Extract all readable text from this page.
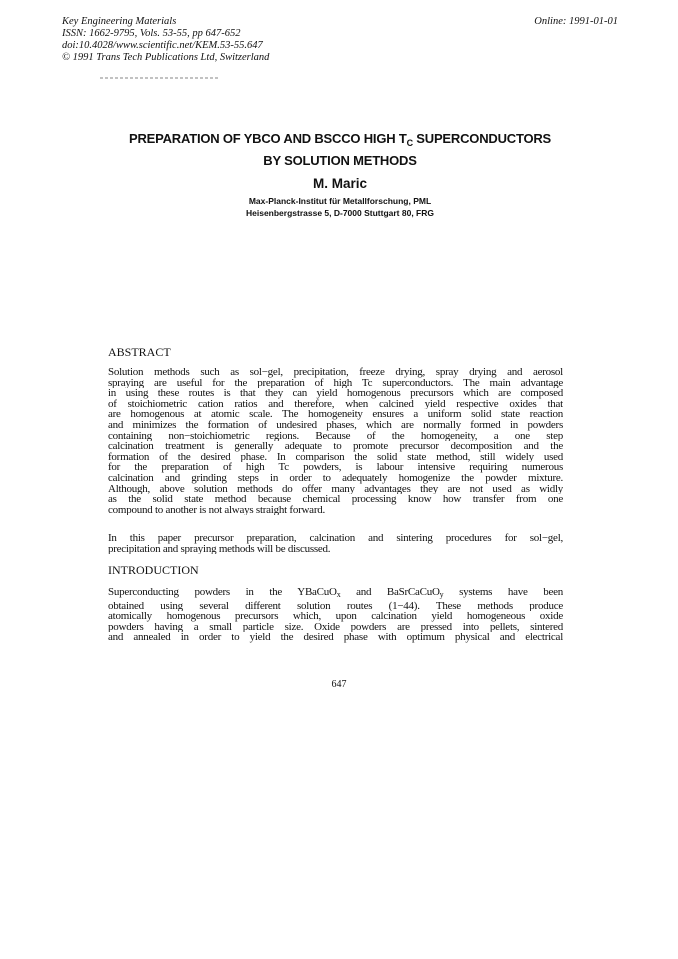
Key Engineering Materials
ISSN: 1662-9795, Vols. 53-55, pp 647-652
doi:10.4028/www.scientific.net/KEM.53-55.647
© 1991 Trans Tech Publications Ltd, Switzerland
Online: 1991-01-01
PREPARATION OF YBCO AND BSCCO HIGH $T_C$ SUPERCONDUCTORS
BY SOLUTION METHODS
M. Maric
Max-Planck-Institut für Metallforschung, PML
Heisenbergstrasse 5, D-7000 Stuttgart 80, FRG
ABSTRACT

Solution methods such as sol−gel, precipitation, freeze drying, spray drying and aerosol

spraying are useful for the preparation of high Tc superconductors. The main advantage

in using these routes is that they can yield homogenous precursors which are composed

of stoichiometric cation ratios and therefore, when calcined yield respective oxides that

are homogenous at atomic scale. The homogeneity ensures a uniform solid state reaction

and minimizes the formation of undesired phases, which are normally formed in powders

containing non−stoichiometric regions. Because of the homogeneity, a one step

calcination treatment is generally adequate to promote precursor decomposition and the

formation of the desired phase. In comparison the solid state method, still widely used

for the preparation of high Tc powders, is labour intensive requiring numerous

calcination and grinding steps in order to adequately homogenize the powder mixture.

Although, above solution methods do offer many advantages they are not used as widly

as the solid state method because chemical processing know how transfer from one

compound to another is not always straight forward.

In this paper precursor preparation, calcination and sintering procedures for sol−gel,

precipitation and spraying methods will be discussed.

INTRODUCTION

Superconducting powders in the YBaCuO$_x$ and BaSrCaCuO$_y$ systems have been

obtained using several different solution routes (1−44). These methods produce

atomically homogenous precursors which, upon calcination yield homogeneous oxide

powders having a small particle size. Oxide powders are pressed into pellets, sintered

and annealed in order to yield the desired phase with optimum physical and electrical

647
